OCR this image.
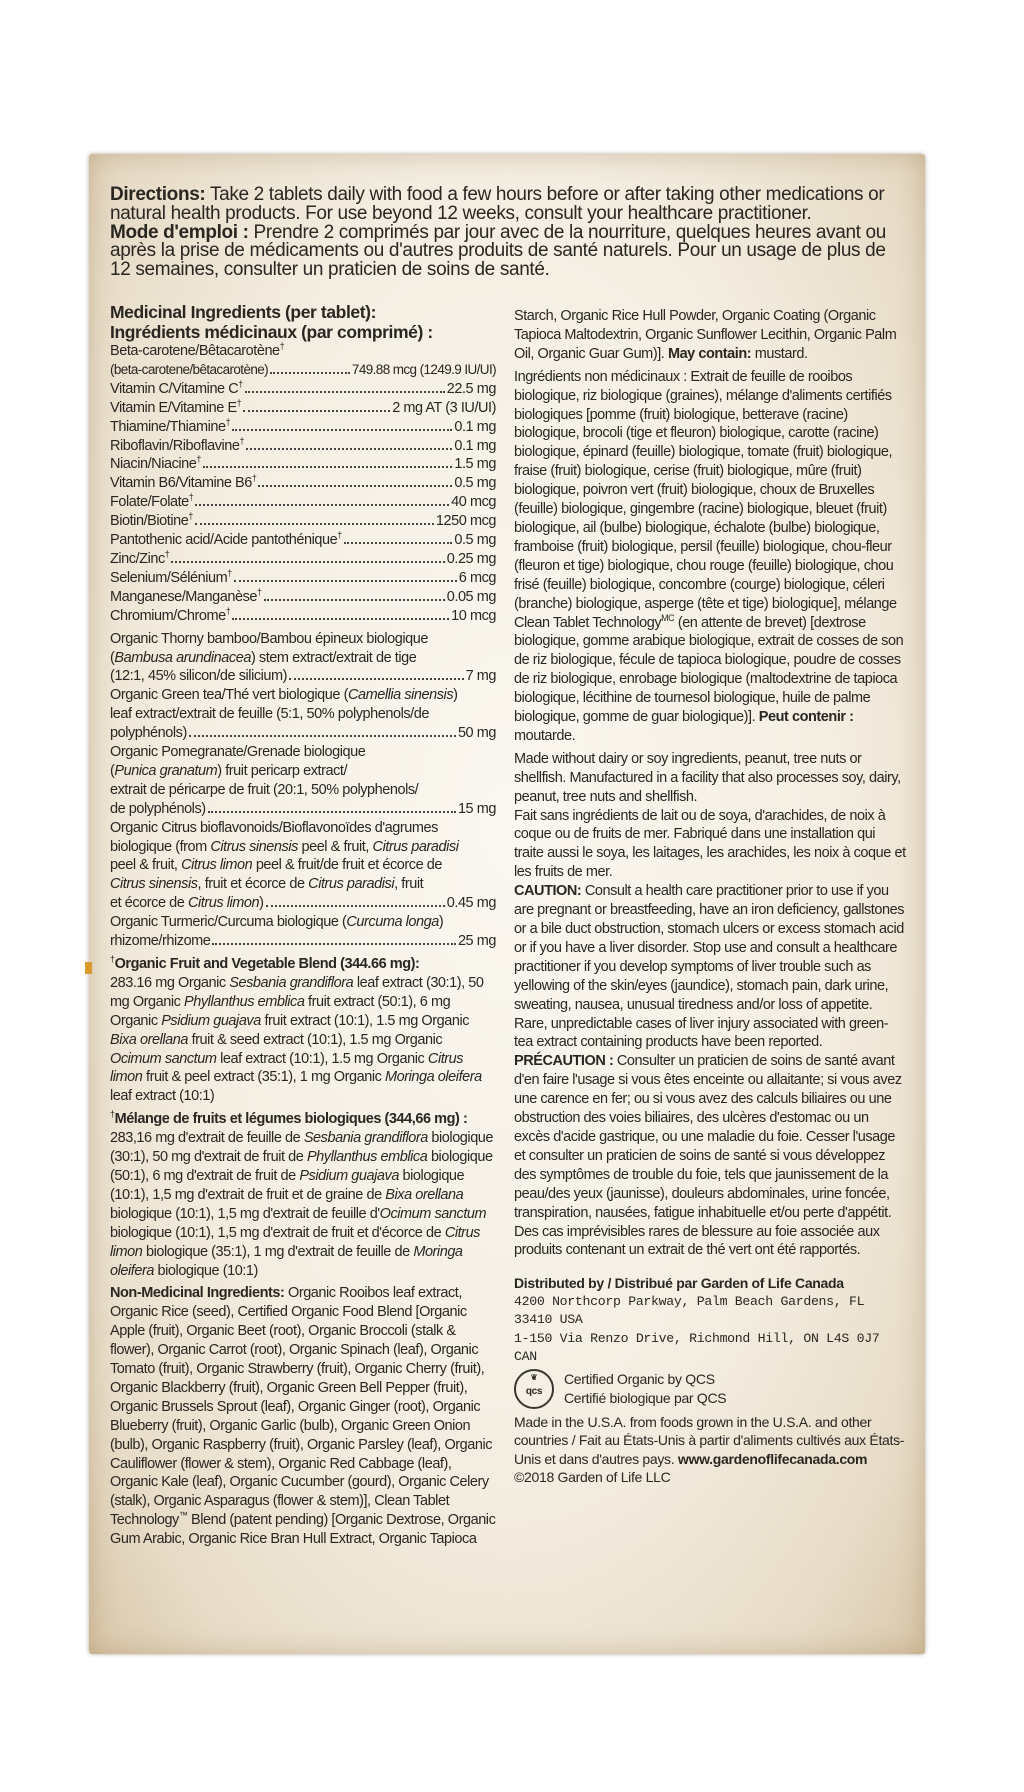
Directions: Take 2 tablets daily with food a few hours before or after taking other medications or natural health products. For use beyond 12 weeks, consult your healthcare practitioner.

Mode d'emploi : Prendre 2 comprimés par jour avec de la nourriture, quelques heures avant ou après la prise de médicaments ou d'autres produits de santé naturels. Pour un usage de plus de 12 semaines, consulter un praticien de soins de santé.

Medicinal Ingredients (per tablet):
Ingrédients médicinaux (par comprimé) :
Beta-carotene/Bêtacarotène†
(beta-carotene/bêtacarotène)	749.88 mcg (1249.9 IU/UI)
Vitamin C/Vitamine C†	22.5 mg
Vitamin E/Vitamine E†	2 mg AT (3 IU/UI)
Thiamine/Thiamine†	0.1 mg
Riboflavin/Riboflavine†	0.1 mg
Niacin/Niacine†	1.5 mg
Vitamin B6/Vitamine B6†	0.5 mg
Folate/Folate†	40 mcg
Biotin/Biotine†	1250 mcg
Pantothenic acid/Acide pantothénique†	0.5 mg
Zinc/Zinc†	0.25 mg
Selenium/Sélénium†	6 mcg
Manganese/Manganèse†	0.05 mg
Chromium/Chrome†	10 mcg
Organic Thorny bamboo/Bambou épineux biologique
(Bambusa arundinacea) stem extract/extrait de tige
(12:1, 45% silicon/de silicium)	7 mg
Organic Green tea/Thé vert biologique (Camellia sinensis)
leaf extract/extrait de feuille (5:1, 50% polyphenols/de
polyphénols)	50 mg
Organic Pomegranate/Grenade biologique
(Punica granatum) fruit pericarp extract/
extrait de péricarpe de fruit (20:1, 50% polyphenols/
de polyphénols)	15 mg
Organic Citrus bioflavonoids/Bioflavonoïdes d'agrumes
biologique (from Citrus sinensis peel & fruit, Citrus paradisi
peel & fruit, Citrus limon peel & fruit/de fruit et écorce de
Citrus sinensis, fruit et écorce de Citrus paradisi, fruit
et écorce de Citrus limon)	0.45 mg
Organic Turmeric/Curcuma biologique (Curcuma longa)
rhizome/rhizome	25 mg

†Organic Fruit and Vegetable Blend (344.66 mg):
283.16 mg Organic Sesbania grandiflora leaf extract (30:1), 50 mg Organic Phyllanthus emblica fruit extract (50:1), 6 mg Organic Psidium guajava fruit extract (10:1), 1.5 mg Organic Bixa orellana fruit & seed extract (10:1), 1.5 mg Organic Ocimum sanctum leaf extract (10:1), 1.5 mg Organic Citrus limon fruit & peel extract (35:1), 1 mg Organic Moringa oleifera leaf extract (10:1)

†Mélange de fruits et légumes biologiques (344,66 mg) :
283,16 mg d'extrait de feuille de Sesbania grandiflora biologique (30:1), 50 mg d'extrait de fruit de Phyllanthus emblica biologique (50:1), 6 mg d'extrait de fruit de Psidium guajava biologique (10:1), 1,5 mg d'extrait de fruit et de graine de Bixa orellana biologique (10:1), 1,5 mg d'extrait de feuille d'Ocimum sanctum biologique (10:1), 1,5 mg d'extrait de fruit et d'écorce de Citrus limon biologique (35:1), 1 mg d'extrait de feuille de Moringa oleifera biologique (10:1)

Non-Medicinal Ingredients: Organic Rooibos leaf extract, Organic Rice (seed), Certified Organic Food Blend [Organic Apple (fruit), Organic Beet (root), Organic Broccoli (stalk & flower), Organic Carrot (root), Organic Spinach (leaf), Organic Tomato (fruit), Organic Strawberry (fruit), Organic Cherry (fruit), Organic Blackberry (fruit), Organic Green Bell Pepper (fruit), Organic Brussels Sprout (leaf), Organic Ginger (root), Organic Blueberry (fruit), Organic Garlic (bulb), Organic Green Onion (bulb), Organic Raspberry (fruit), Organic Parsley (leaf), Organic Cauliflower (flower & stem), Organic Red Cabbage (leaf), Organic Kale (leaf), Organic Cucumber (gourd), Organic Celery (stalk), Organic Asparagus (flower & stem)], Clean Tablet Technology™ Blend (patent pending) [Organic Dextrose, Organic Gum Arabic, Organic Rice Bran Hull Extract, Organic Tapioca

Starch, Organic Rice Hull Powder, Organic Coating (Organic Tapioca Maltodextrin, Organic Sunflower Lecithin, Organic Palm Oil, Organic Guar Gum)]. May contain: mustard.

Ingrédients non médicinaux : Extrait de feuille de rooibos biologique, riz biologique (graines), mélange d'aliments certifiés biologiques [pomme (fruit) biologique, betterave (racine) biologique, brocoli (tige et fleuron) biologique, carotte (racine) biologique, épinard (feuille) biologique, tomate (fruit) biologique, fraise (fruit) biologique, cerise (fruit) biologique, mûre (fruit) biologique, poivron vert (fruit) biologique, choux de Bruxelles (feuille) biologique, gingembre (racine) biologique, bleuet (fruit) biologique, ail (bulbe) biologique, échalote (bulbe) biologique, framboise (fruit) biologique, persil (feuille) biologique, chou-fleur (fleuron et tige) biologique, chou rouge (feuille) biologique, chou frisé (feuille) biologique, concombre (courge) biologique, céleri (branche) biologique, asperge (tête et tige) biologique], mélange Clean Tablet Technology$^{MC}$ (en attente de brevet) [dextrose biologique, gomme arabique biologique, extrait de cosses de son de riz biologique, fécule de tapioca biologique, poudre de cosses de riz biologique, enrobage biologique (maltodextrine de tapioca biologique, lécithine de tournesol biologique, huile de palme biologique, gomme de guar biologique)]. Peut contenir : moutarde.

Made without dairy or soy ingredients, peanut, tree nuts or shellfish. Manufactured in a facility that also processes soy, dairy, peanut, tree nuts and shellfish.

Fait sans ingrédients de lait ou de soya, d'arachides, de noix à coque ou de fruits de mer. Fabriqué dans une installation qui traite aussi le soya, les laitages, les arachides, les noix à coque et les fruits de mer.

CAUTION: Consult a health care practitioner prior to use if you are pregnant or breastfeeding, have an iron deficiency, gallstones or a bile duct obstruction, stomach ulcers or excess stomach acid or if you have a liver disorder. Stop use and consult a healthcare practitioner if you develop symptoms of liver trouble such as yellowing of the skin/eyes (jaundice), stomach pain, dark urine, sweating, nausea, unusual tiredness and/or loss of appetite. Rare, unpredictable cases of liver injury associated with green-tea extract containing products have been reported.

PRÉCAUTION : Consulter un praticien de soins de santé avant d'en faire l'usage si vous êtes enceinte ou allaitante; si vous avez une carence en fer; ou si vous avez des calculs biliaires ou une obstruction des voies biliaires, des ulcères d'estomac ou un excès d'acide gastrique, ou une maladie du foie. Cesser l'usage et consulter un praticien de soins de santé si vous développez des symptômes de trouble du foie, tels que jaunissement de la peau/des yeux (jaunisse), douleurs abdominales, urine foncée, transpiration, nausées, fatigue inhabituelle et/ou perte d'appétit. Des cas imprévisibles rares de blessure au foie associée aux produits contenant un extrait de thé vert ont été rapportés.

Distributed by / Distribué par Garden of Life Canada
4200 Northcorp Parkway, Palm Beach Gardens, FL 33410 USA
1-150 Via Renzo Drive, Richmond Hill, ON L4S 0J7 CAN
❦
qcs
Certified Organic by QCS
Certifié biologique par QCS
Made in the U.S.A. from foods grown in the U.S.A. and other countries / Fait au États-Unis à partir d'aliments cultivés aux États-Unis et dans d'autres pays. www.gardenoflifecanada.com
©2018 Garden of Life LLC
